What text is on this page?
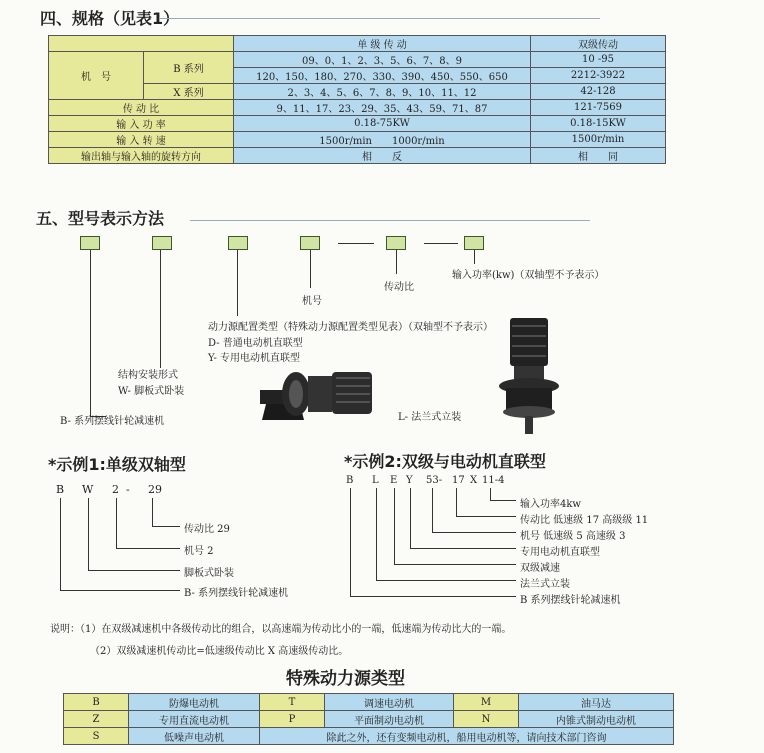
四、规格（见表1）
		单 级 传 动	双级传动
机　号	B 系列	09、0、1、2、3、5、6、7、8、9	10 -95
		120、150、180、270、330、390、450、550、650	2212-3922
	X 系列	2、3、4、5、6、7、8、9、10、11、12	42-128
传 动 比		9、11、17、23、29、35、43、59、71、87	121-7569
输 入 功 率		0.18-75KW	0.18-15KW
输 入 转 速		1500r/min　　1000r/min	1500r/min
输出轴与输入轴的旋转方向		相　　反	相　　同
五、型号表示方法
输入功率(kw)（双轴型不予表示）
传动比
机号
动力源配置类型（特殊动力源配置类型见表）（双轴型不予表示）
D- 普通电动机直联型
Y- 专用电动机直联型
结构安装形式
W- 脚板式卧装
B- 系列摆线针轮减速机	L- 法兰式立装
*示例1:单级双轴型
B W 2 - 29
传动比 29
机号 2
脚板式卧装
B- 系列摆线针轮减速机
*示例2:双级与电动机直联型
B L E Y 53- 17 X 11-4
输入功率4kw
传动比 低速级 17 高级级 11
机号 低速级 5 高速级 3
专用电动机直联型
双级减速
法兰式立装
B 系列摆线针轮减速机
说明：（1）在双级减速机中各级传动比的组合，以高速端为传动比小的一端，低速端为传动比大的一端。
（2）双级减速机传动比=低速级传动比 X 高速级传动比。
特殊动力源类型
B	防爆电动机	T	调速电动机	M	油马达
Z	专用直流电动机	P	平面制动电动机	N	内锥式制动电动机
S	低噪声电动机	除此之外，还有变频电动机，船用电动机等，请向技术部门咨询			
